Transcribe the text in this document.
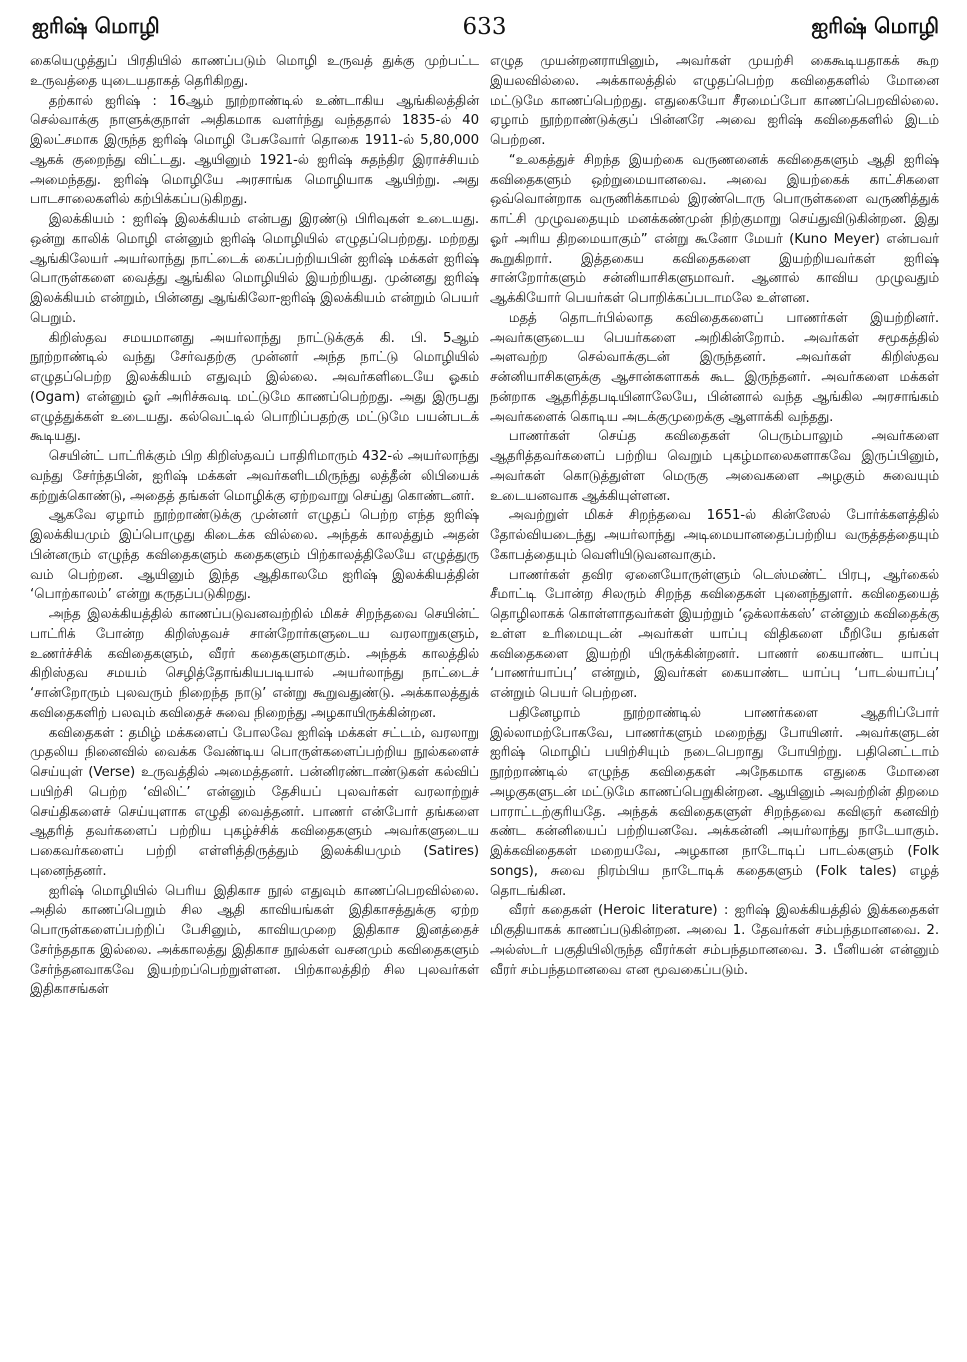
ஐரிஷ் மொழி	633	ஐரிஷ் மொழி

கையெழுத்துப் பிரதியில் காணப்படும் மொழி உருவத் துக்கு முற்பட்ட உருவத்தை யுடையதாகத் தெரிகிறது.

தற்கால் ஐரிஷ் : 16ஆம் நூற்றாண்டில் உண்டாகிய ஆங்கிலத்தின் செல்வாக்கு நாளுக்குநாள் அதிகமாக வளர்ந்து வந்ததால் 1835-ல் 40 இலட்சமாக இருந்த ஐரிஷ் மொழி பேசுவோர் தொகை 1911-ல் 5,80,000 ஆகக் குறைந்து விட்டது. ஆயினும் 1921-ல் ஐரிஷ் சுதந்திர இராச்சியம் அமைந்தது. ஐரிஷ் மொழியே அரசாங்க மொழியாக ஆயிற்று. அது பாடசாலைகளில் கற்பிக்கப்படுகிறது.

இலக்கியம் : ஐரிஷ் இலக்கியம் என்பது இரண்டு பிரிவுகள் உடையது. ஒன்று காலிக் மொழி என்னும் ஐரிஷ் மொழியில் எழுதப்பெற்றது. மற்றது ஆங்கிலேயர் அயர்லாந்து நாட்டைக் கைப்பற்றியபின் ஐரிஷ் மக்கள் ஐரிஷ் பொருள்களை வைத்து ஆங்கில மொழியில் இயற்றியது. முன்னது ஐரிஷ் இலக்கியம் என்றும், பின்னது ஆங்கிலோ-ஐரிஷ் இலக்கியம் என்றும் பெயர் பெறும்.

கிறிஸ்தவ சமயமானது அயர்லாந்து நாட்டுக்குக் கி. பி. 5ஆம் நூற்றாண்டில் வந்து சேர்வதற்கு முன்னர் அந்த நாட்டு மொழியில் எழுதப்பெற்ற இலக்கியம் எதுவும் இல்லை. அவர்களிடையே ஓகம் (Ogam) என்னும் ஓர் அரிச்சுவடி மட்டுமே காணப்பெற்றது. அது இருபது எழுத்துக்கள் உடையது. கல்வெட்டில் பொறிப்பதற்கு மட்டுமே பயன்படக் கூடியது.

செயின்ட் பாட்ரிக்கும் பிற கிறிஸ்தவப் பாதிரிமாரும் 432-ல் அயர்லாந்து வந்து சேர்ந்தபின், ஐரிஷ் மக்கள் அவர்களிடமிருந்து லத்தீன் லிபியைக் கற்றுக்கொண்டு, அதைத் தங்கள் மொழிக்கு ஏற்றவாறு செய்து கொண்டனர்.

ஆகவே ஏழாம் நூற்றாண்டுக்கு முன்னர் எழுதப் பெற்ற எந்த ஐரிஷ் இலக்கியமும் இப்பொழுது கிடைக்க வில்லை. அந்தக் காலத்தும் அதன் பின்னரும் எழுந்த கவிதைகளும் கதைகளும் பிற்காலத்திலேயே எழுத்துரு வம் பெற்றன. ஆயினும் இந்த ஆதிகாலமே ஐரிஷ் இலக்கியத்தின் ‘பொற்காலம்’ என்று கருதப்படுகிறது.

அந்த இலக்கியத்தில் காணப்படுவனவற்றில் மிகச் சிறந்தவை செயின்ட் பாட்ரிக் போன்ற கிறிஸ்தவச் சான்றோர்களுடைய வரலாறுகளும், உணர்ச்சிக் கவிதைகளும், வீரர் கதைகளுமாகும். அந்தக் காலத்தில் கிறிஸ்தவ சமயம் செழித்தோங்கியபடியால் அயர்லாந்து நாட்டைச் ‘சான்றோரும் புலவரும் நிறைந்த நாடு’ என்று கூறுவதுண்டு. அக்காலத்துக் கவிதைகளிற் பலவும் கவிதைச் சுவை நிறைந்து அழகாயிருக்கின்றன.

கவிதைகள் : தமிழ் மக்களைப் போலவே ஐரிஷ் மக்கள் சட்டம், வரலாறு முதலிய நினைவில் வைக்க வேண்டிய பொருள்களைப்பற்றிய நூல்களைச் செய்யுள் (Verse) உருவத்தில் அமைத்தனர். பன்னிரண்டாண்டுகள் கல்விப் பயிற்சி பெற்ற ‘விலிட்’ என்னும் தேசியப் புலவர்கள் வரலாற்றுச் செய்திகளைச் செய்யுளாக எழுதி வைத்தனர். பாணர் என்போர் தங்களை ஆதரித் தவர்களைப் பற்றிய புகழ்ச்சிக் கவிதைகளும் அவர்களுடைய பகைவர்களைப் பற்றி எள்ளித்திருத்தும் இலக்கியமும் (Satires) புனைந்தனர்.

ஐரிஷ் மொழியில் பெரிய இதிகாச நூல் எதுவும் காணப்பெறவில்லை. அதில் காணப்பெறும் சில ஆதி காவியங்கள் இதிகாசத்துக்கு ஏற்ற பொருள்களைப்பற்றிப் பேசினும், காவியமுறை இதிகாச இனத்தைச் சேர்ந்ததாக இல்லை. அக்காலத்து இதிகாச நூல்கள் வசனமும் கவிதைகளும் சேர்ந்தனவாகவே இயற்றப்பெற்றுள்ளன. பிற்காலத்திற் சில புலவர்கள் இதிகாசங்கள்

எழுத முயன்றனராயினும், அவர்கள் முயற்சி கைகூடியதாகக் கூற இயலவில்லை. அக்காலத்தில் எழுதப்பெற்ற கவிதைகளில் மோனை மட்டுமே காணப்பெற்றது. எதுகையோ சீரமைப்போ காணப்பெறவில்லை. ஏழாம் நூற்றாண்டுக்குப் பின்னரே அவை ஐரிஷ் கவிதைகளில் இடம் பெற்றன.

“உலகத்துச் சிறந்த இயற்கை வருணனைக் கவிதைகளும் ஆதி ஐரிஷ் கவிதைகளும் ஒற்றுமையானவை. அவை இயற்கைக் காட்சிகளை ஒவ்வொன்றாக வருணிக்காமல் இரண்டொரு பொருள்களை வருணித்துக் காட்சி முழுவதையும் மனக்கண்முன் நிற்குமாறு செய்துவிடுகின்றன. இது ஓர் அரிய திறமையாகும்” என்று கூனோ மேயர் (Kuno Meyer) என்பவர் கூறுகிறார். இத்தகைய கவிதைகளை இயற்றியவர்கள் ஐரிஷ் சான்றோர்களும் சன்னியாசிகளுமாவர். ஆனால் காவிய முழுவதும் ஆக்கியோர் பெயர்கள் பொறிக்கப்படாமலே உள்ளன.

மதத் தொடர்பில்லாத கவிதைகளைப் பாணர்கள் இயற்றினர். அவர்களுடைய பெயர்களை அறிகின்றோம். அவர்கள் சமூகத்தில் அளவற்ற செல்வாக்குடன் இருந்தனர். அவர்கள் கிறிஸ்தவ சன்னியாசிகளுக்கு ஆசான்களாகக் கூட இருந்தனர். அவர்களை மக்கள் நன்றாக ஆதரித்தபடியினாலேயே, பின்னால் வந்த ஆங்கில அரசாங்கம் அவர்களைக் கொடிய அடக்குமுறைக்கு ஆளாக்கி வந்தது.

பாணர்கள் செய்த கவிதைகள் பெரும்பாலும் அவர்களை ஆதரித்தவர்களைப் பற்றிய வெறும் புகழ்மாலைகளாகவே இருப்பினும், அவர்கள் கொடுத்துள்ள மெருகு அவைகளை அழகும் சுவையும் உடையனவாக ஆக்கியுள்ளன.

அவற்றுள் மிகச் சிறந்தவை 1651-ல் கின்ஸேல் போர்க்களத்தில் தோல்வியடைந்து அயர்லாந்து அடிமையானதைப்பற்றிய வருத்தத்தையும் கோபத்தையும் வெளியிடுவனவாகும்.

பாணர்கள் தவிர ஏனையோருள்ளும் டெஸ்மண்ட் பிரபு, ஆர்கைல் சீமாட்டி போன்ற சிலரும் சிறந்த கவிதைகள் புனைந்துளர். கவிதையைத் தொழிலாகக் கொள்ளாதவர்கள் இயற்றும் ‘ஒக்லாக்கஸ்’ என்னும் கவிதைக்கு உள்ள உரிமையுடன் அவர்கள் யாப்பு விதிகளை மீறியே தங்கள் கவிதைகளை இயற்றி யிருக்கின்றனர். பாணர் கையாண்ட யாப்பு ‘பாணர்யாப்பு’ என்றும், இவர்கள் கையாண்ட யாப்பு ‘பாடல்யாப்பு’ என்றும் பெயர் பெற்றன.

பதினேழாம் நூற்றாண்டில் பாணர்களை ஆதரிப்போர் இல்லாமற்போகவே, பாணர்களும் மறைந்து போயினர். அவர்களுடன் ஐரிஷ் மொழிப் பயிற்சியும் நடைபெறாது போயிற்று. பதினெட்டாம் நூற்றாண்டில் எழுந்த கவிதைகள் அநேகமாக எதுகை மோனை அழகுகளுடன் மட்டுமே காணப்பெறுகின்றன. ஆயினும் அவற்றின் திறமை பாராட்டற்குரியதே. அந்தக் கவிதைகளுள் சிறந்தவை கவிஞர் கனவிற் கண்ட கன்னியைப் பற்றியனவே. அக்கன்னி அயர்லாந்து நாடேயாகும். இக்கவிதைகள் மறையவே, அழகான நாடோடிப் பாடல்களும் (Folk songs), சுவை நிரம்பிய நாடோடிக் கதைகளும் (Folk tales) எழத் தொடங்கின.

வீரர் கதைகள் (Heroic literature) : ஐரிஷ் இலக்கியத்தில் இக்கதைகள் மிகுதியாகக் காணப்படுகின்றன. அவை 1. தேவர்கள் சம்பந்தமானவை. 2. அல்ஸ்டர் பகுதியிலிருந்த வீரர்கள் சம்பந்தமானவை. 3. பீனியன் என்னும் வீரர் சம்பந்தமானவை என மூவகைப்படும்.
